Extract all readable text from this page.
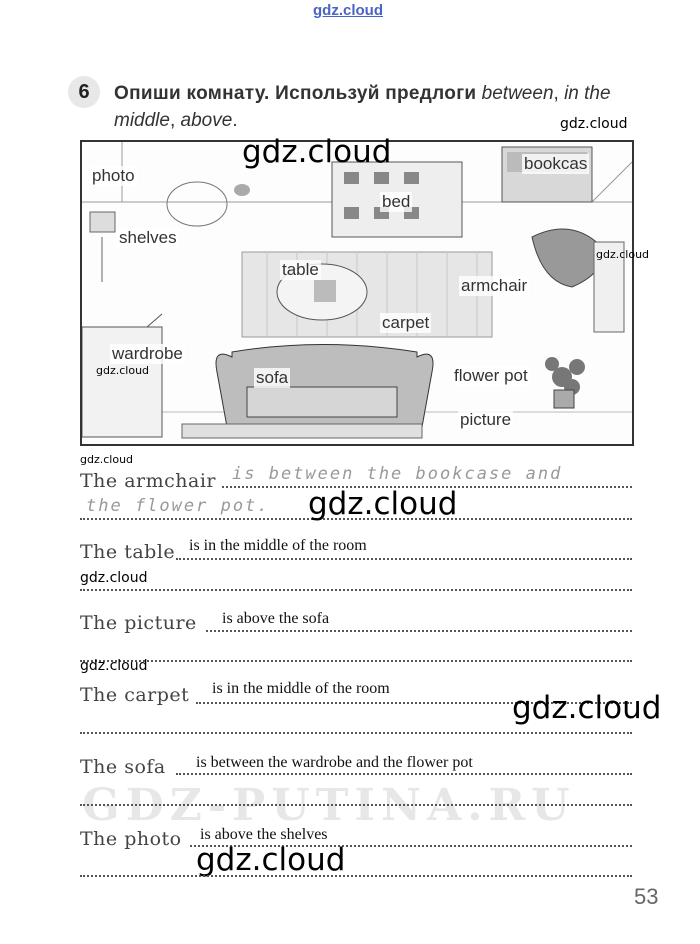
gdz.cloud
6	Опиши комнату. Используй предлоги between, in the middle, above.
photo
bookcas
bed
shelves
table
armchair
carpet
wardrobe
sofa	flower pot
picture
gdz.cloud
gdz.cloud
gdz.cloud
gdz.cloud
gdz.cloud
The armchair is between the bookcase and
the flower pot. gdz.cloud
The table is in the middle of the room
gdz.cloud
The picture is above the sofa
gdz.cloud
The carpet is in the middle of the room
gdz.cloud
The sofa is between the wardrobe and the flower pot
GDZ-PUTINA.RU
The photo is above the shelves
gdz.cloud
53
